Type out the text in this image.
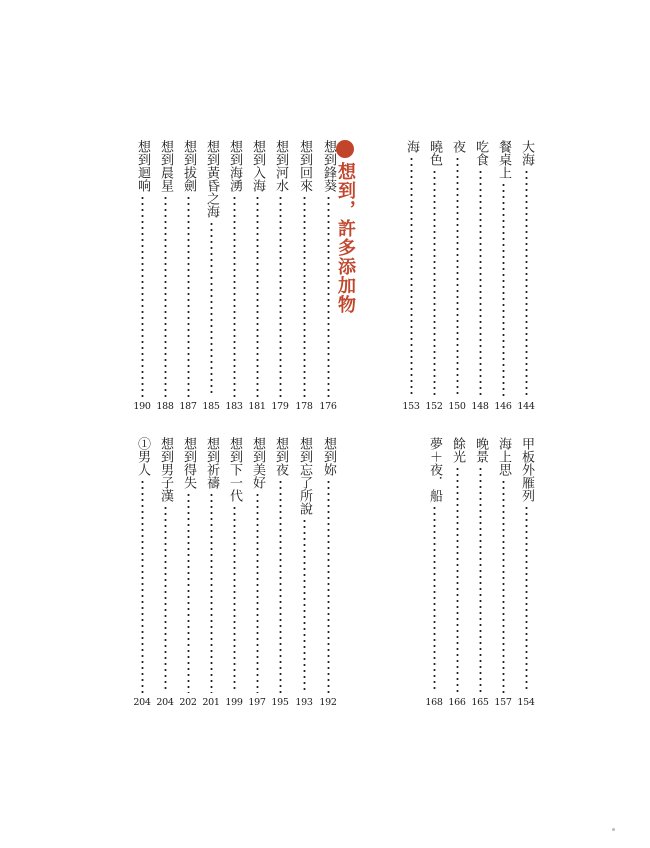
想到，許多添加物
大海
144
餐桌上
146
吃食
148
夜
150
曉色
152
海
153
想到鋒葵
176
想到回來
178
想到河水
179
想到入海
181
想到海湧
183
想到黃昏之海
185
想到拔劍
187
想到晨星
188
想到迴响
190
甲板外雁列
154
海上思
157
晚景
165
餘光
166
夢＋夜．船
168
想到妳
192
想到忘了所說
193
想到夜
195
想到美好
197
想到下一代
199
想到祈禱
201
想到得失
202
想到男子漢
204
①男人
204
